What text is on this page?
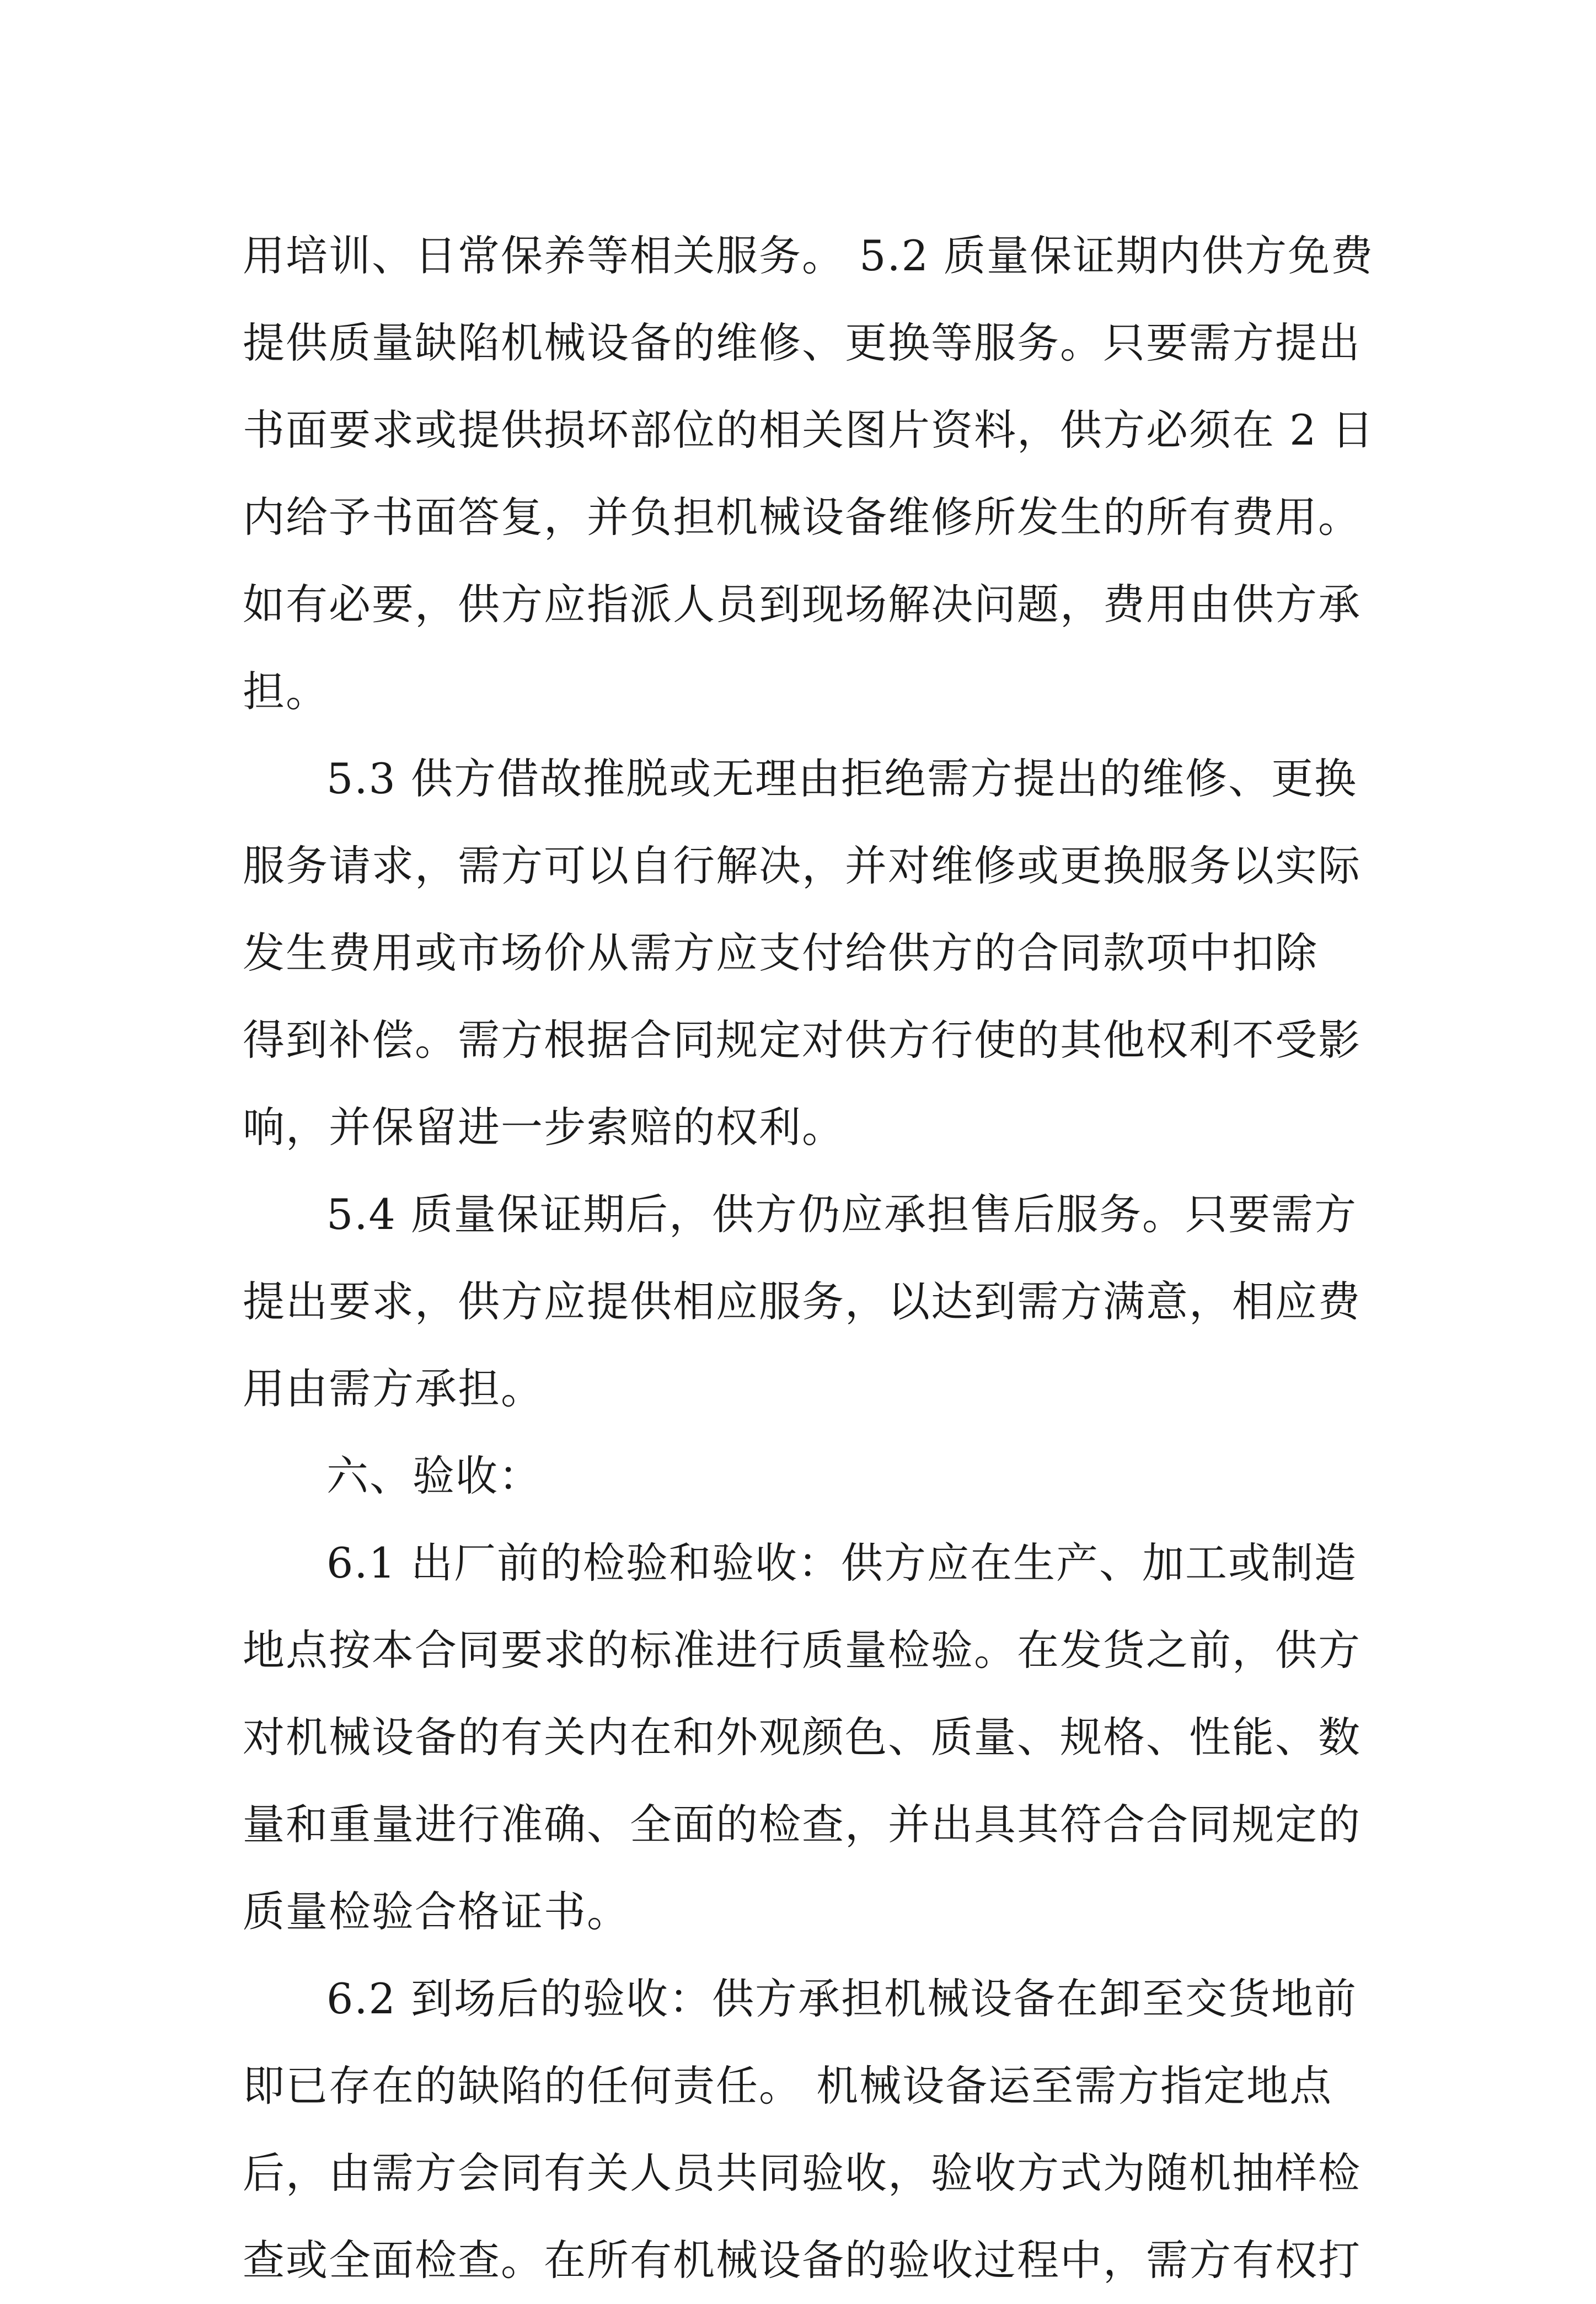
用培训、日常保养等相关服务。 5.2 质量保证期内供方免费
提供质量缺陷机械设备的维修、更换等服务。只要需方提出
书面要求或提供损坏部位的相关图片资料，供方必须在 2 日
内给予书面答复，并负担机械设备维修所发生的所有费用。
如有必要，供方应指派人员到现场解决问题，费用由供方承
担。
5.3 供方借故推脱或无理由拒绝需方提出的维修、更换
服务请求，需方可以自行解决，并对维修或更换服务以实际
发生费用或市场价从需方应支付给供方的合同款项中扣除
得到补偿。需方根据合同规定对供方行使的其他权利不受影
响，并保留进一步索赔的权利。
5.4 质量保证期后，供方仍应承担售后服务。只要需方
提出要求，供方应提供相应服务，以达到需方满意，相应费
用由需方承担。
六、验收：
6.1 出厂前的检验和验收：供方应在生产、加工或制造
地点按本合同要求的标准进行质量检验。在发货之前，供方
对机械设备的有关内在和外观颜色、质量、规格、性能、数
量和重量进行准确、全面的检查，并出具其符合合同规定的
质量检验合格证书。
6.2 到场后的验收：供方承担机械设备在卸至交货地前
即已存在的缺陷的任何责任。 机械设备运至需方指定地点
后，由需方会同有关人员共同验收，验收方式为随机抽样检
查或全面检查。在所有机械设备的验收过程中，需方有权打
